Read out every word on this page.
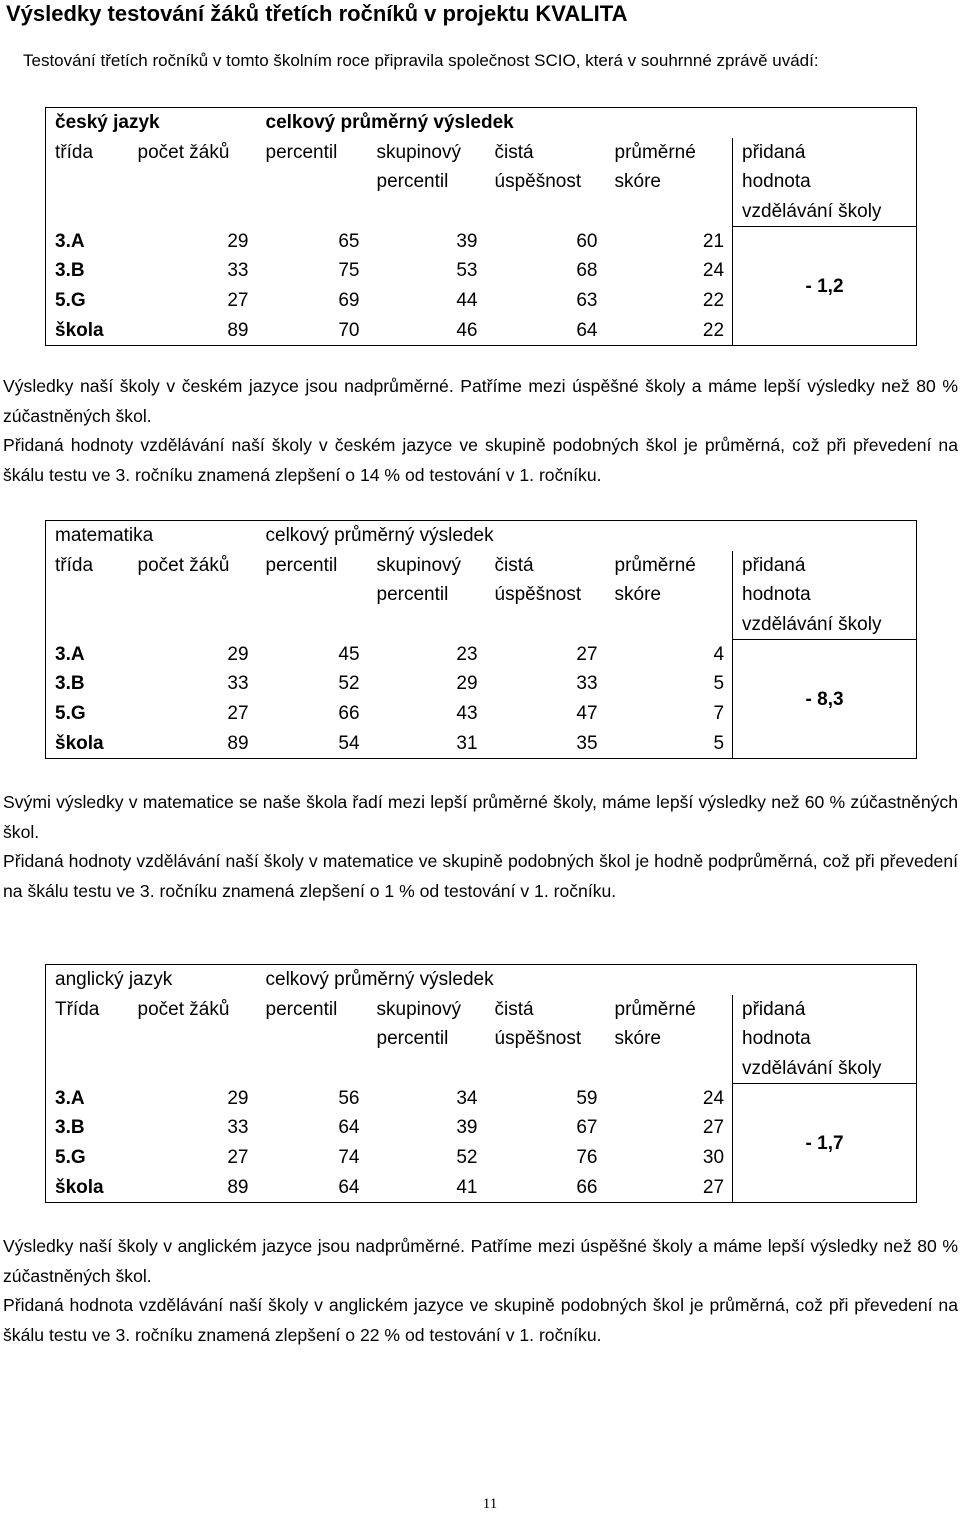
Výsledky testování žáků třetích ročníků v projektu KVALITA
Testování třetích ročníků v tomto školním roce připravila společnost SCIO, která v souhrnné zprávě uvádí:
český jazyk		celkový průměrný výsledek				
třída	počet žáků	percentil	skupinový	čistá	průměrné	přidaná
			percentil	úspěšnost	skóre	hodnota
						vzdělávání školy
3.A	29	65	39	60	21	- 1,2
3.B	33	75	53	68	24	
5.G	27	69	44	63	22	
škola	89	70	46	64	22	

Výsledky naší školy v českém jazyce jsou nadprůměrné. Patříme mezi úspěšné školy a máme lepší výsledky než 80 % zúčastněných škol.

Přidaná hodnoty vzdělávání naší školy v českém jazyce ve skupině podobných škol je průměrná, což při převedení na škálu testu ve 3. ročníku znamená zlepšení o 14 % od testování v 1. ročníku.

matematika		celkový průměrný výsledek				
třída	počet žáků	percentil	skupinový	čistá	průměrné	přidaná
			percentil	úspěšnost	skóre	hodnota
						vzdělávání školy
3.A	29	45	23	27	4	- 8,3
3.B	33	52	29	33	5	
5.G	27	66	43	47	7	
škola	89	54	31	35	5	

Svými výsledky v matematice se naše škola řadí mezi lepší průměrné školy, máme lepší výsledky než 60 % zúčastněných škol.

Přidaná hodnoty vzdělávání naší školy v matematice ve skupině podobných škol je hodně podprůměrná, což při převedení na škálu testu ve 3. ročníku znamená zlepšení o 1 % od testování v 1. ročníku.

anglický jazyk		celkový průměrný výsledek				
Třída	počet žáků	percentil	skupinový	čistá	průměrné	přidaná
			percentil	úspěšnost	skóre	hodnota
						vzdělávání školy
3.A	29	56	34	59	24	- 1,7
3.B	33	64	39	67	27	
5.G	27	74	52	76	30	
škola	89	64	41	66	27	

Výsledky naší školy v anglickém jazyce jsou nadprůměrné. Patříme mezi úspěšné školy a máme lepší výsledky než 80 % zúčastněných škol.

Přidaná hodnota vzdělávání naší školy v anglickém jazyce ve skupině podobných škol je průměrná, což při převedení na škálu testu ve 3. ročníku znamená zlepšení o 22 % od testování v 1. ročníku.

11
